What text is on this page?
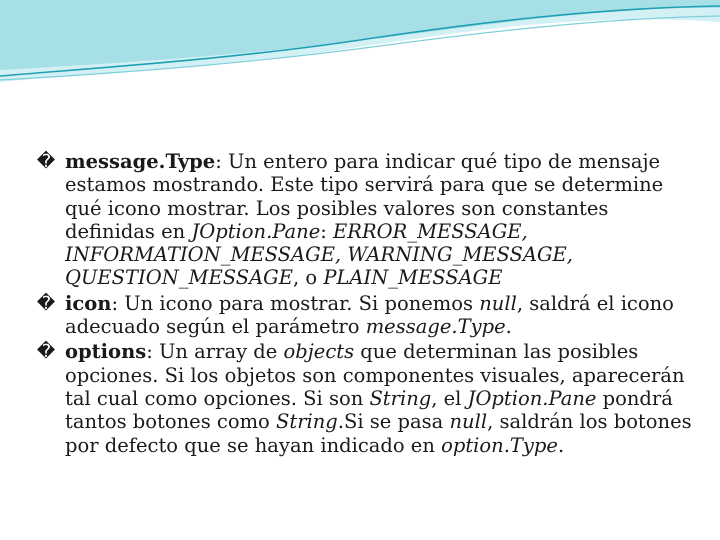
� message.Type: Un entero para indicar qué tipo de mensaje estamos mostrando. Este tipo servirá para que se determine qué icono mostrar. Los posibles valores son constantes definidas en JOption.Pane: ERROR_MESSAGE, INFORMATION_MESSAGE, WARNING_MESSAGE, QUESTION_MESSAGE, o PLAIN_MESSAGE
� icon: Un icono para mostrar. Si ponemos null, saldrá el icono adecuado según el parámetro message.Type.
� options: Un array de objects que determinan las posibles opciones. Si los objetos son componentes visuales, aparecerán tal cual como opciones. Si son String, el JOption.Pane pondrá tantos botones como String.Si se pasa null, saldrán los botones por defecto que se hayan indicado en option.Type.
